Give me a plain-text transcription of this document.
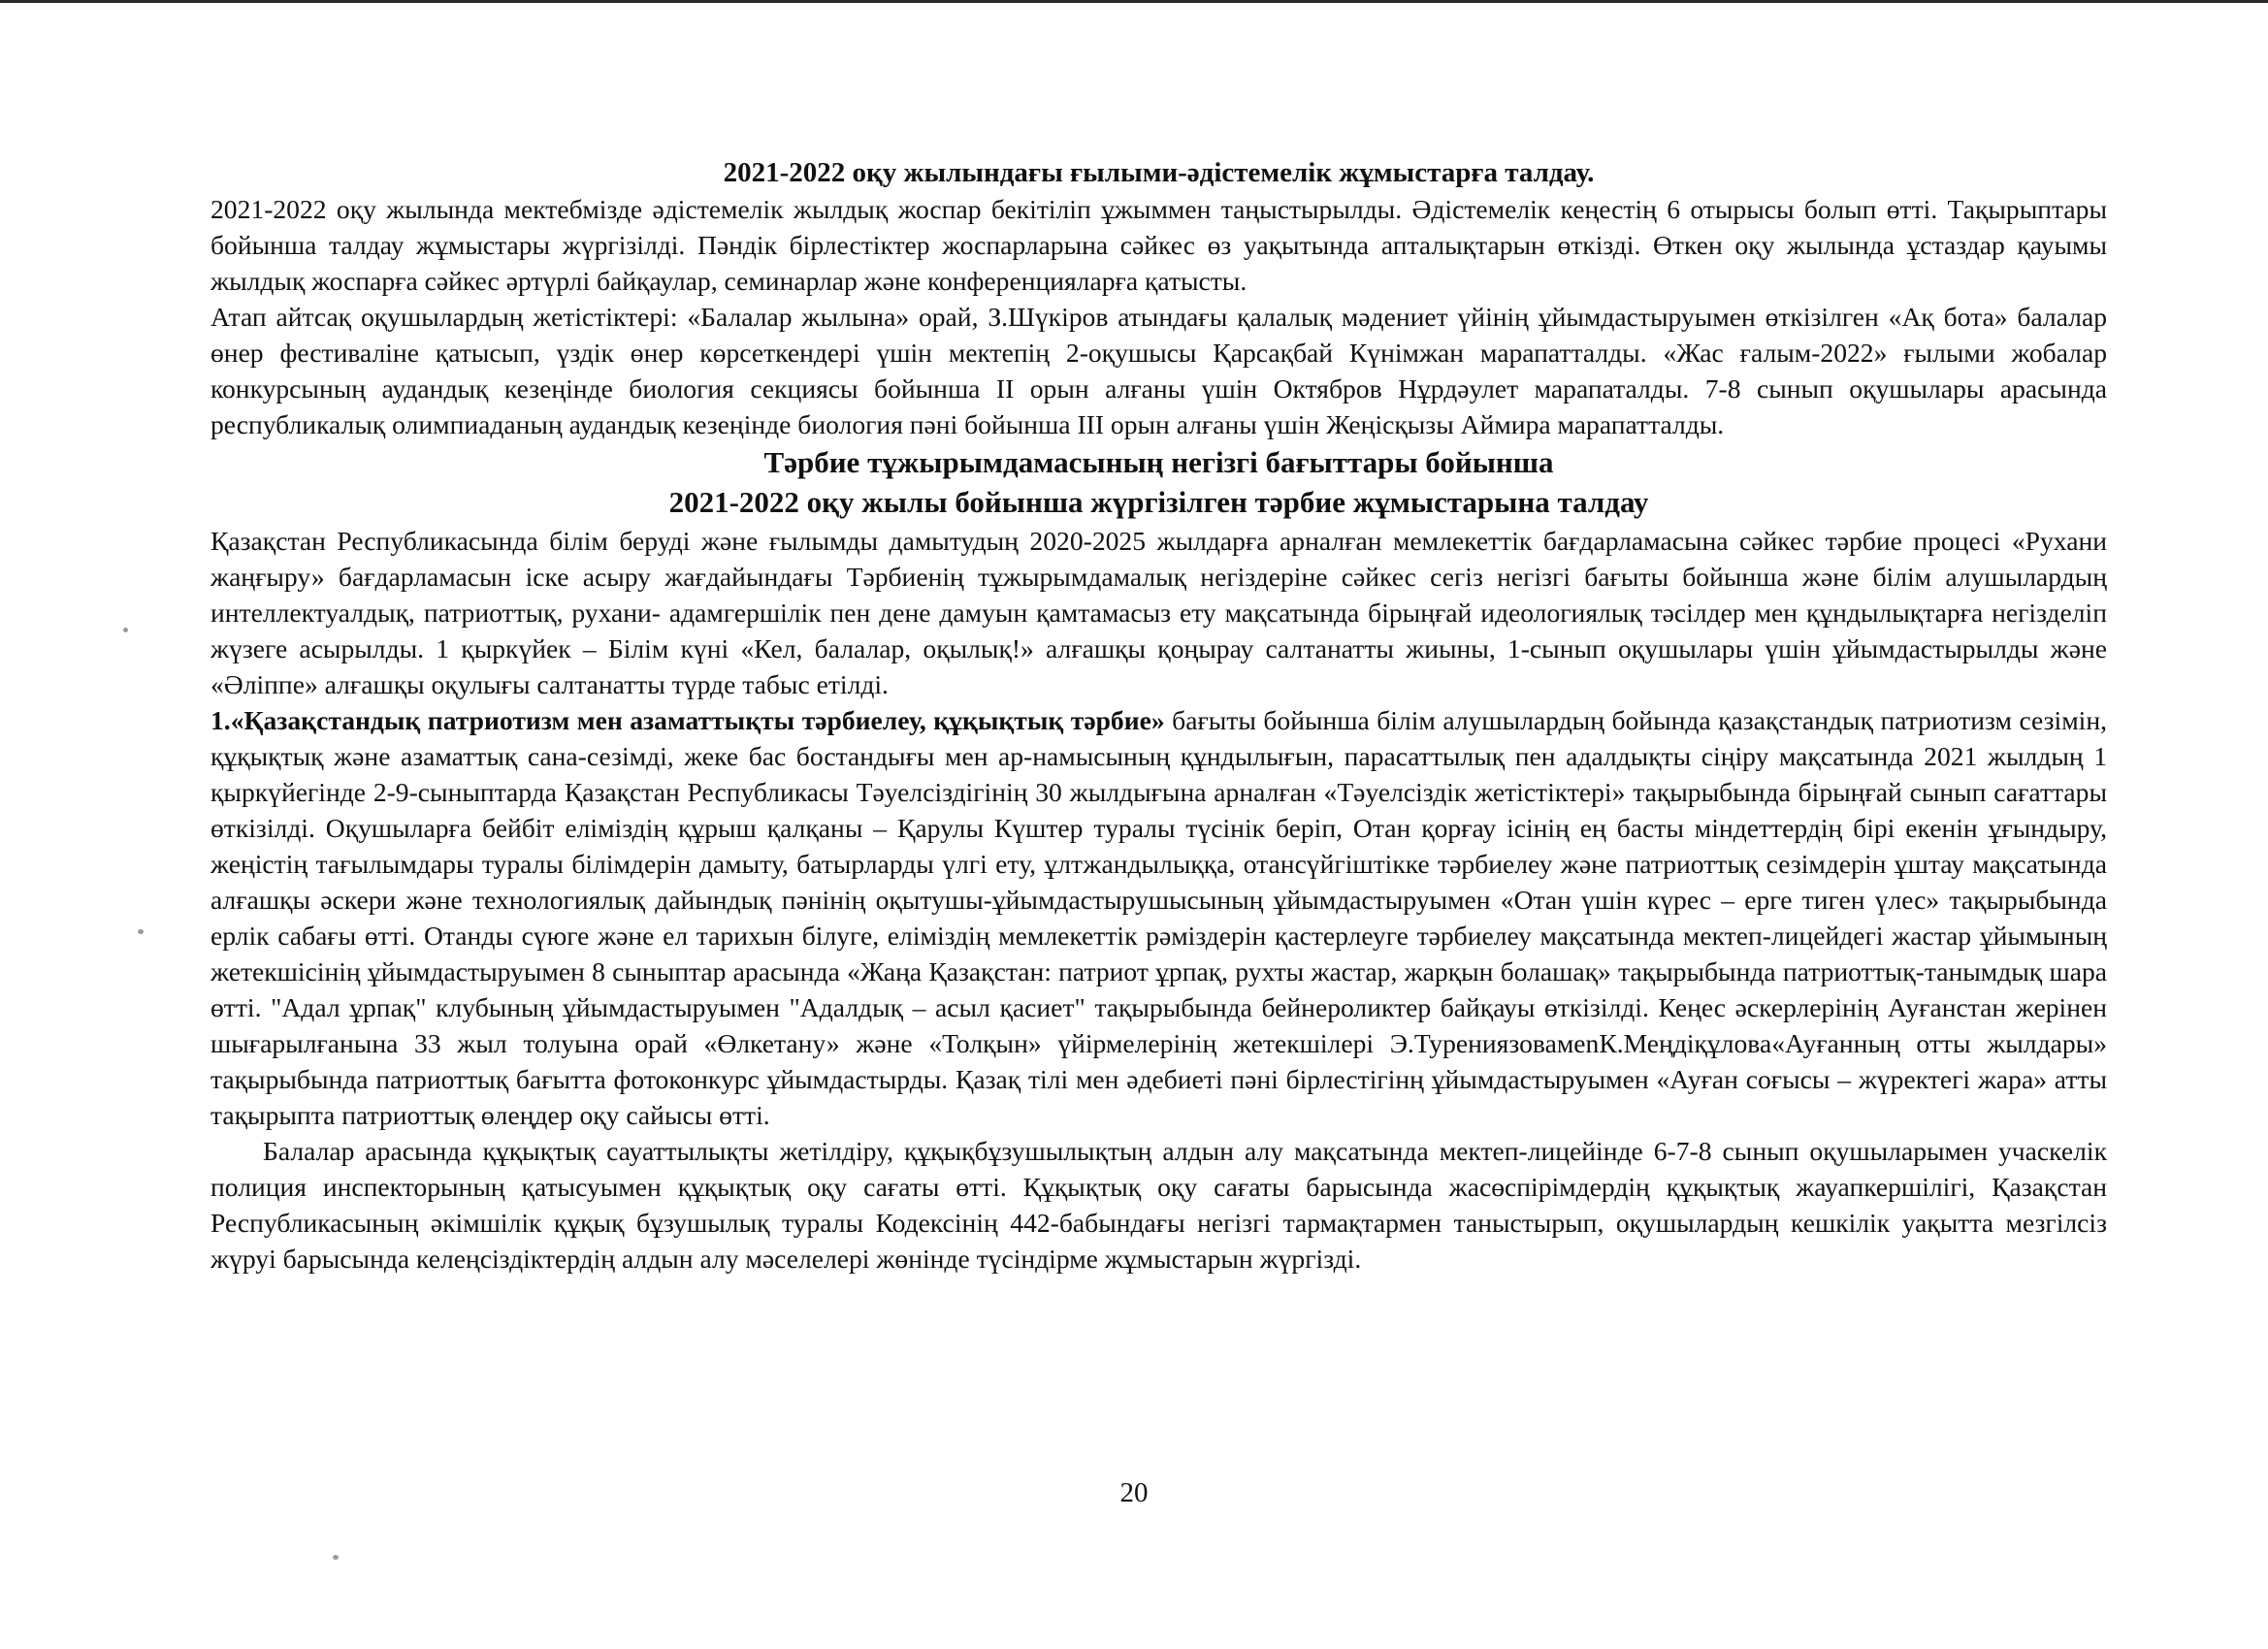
2021-2022 оқу жылындағы ғылыми-әдістемелік жұмыстарға талдау.

2021-2022 оқу жылында мектебмізде әдістемелік жылдық жоспар бекітіліп ұжыммен таңыстырылды. Әдістемелік кеңестің 6 отырысы болып өтті. Тақырыптары бойынша талдау жұмыстары жүргізілді. Пәндік бірлестіктер жоспарларына сәйкес өз уақытында апталықтарын өткізді. Өткен оқу жылында ұстаздар қауымы жылдық жоспарға сәйкес әртүрлі байқаулар, семинарлар және конференцияларға қатысты.

Атап айтсақ оқушылардың жетістіктері: «Балалар жылына» орай, З.Шүкіров атындағы қалалық мәдениет үйінің ұйымдастыруымен өткізілген «Ақ бота» балалар өнер фестиваліне қатысып, үздік өнер көрсеткендері үшін мектепің 2-оқушысы Қарсақбай Күнімжан марапатталды. «Жас ғалым-2022» ғылыми жобалар конкурсының аудандық кезеңінде биология секциясы бойынша II орын алғаны үшін Октябров Нұрдәулет марапаталды. 7-8 сынып оқушылары арасында республикалық олимпиаданың аудандық кезеңінде биология пәні бойынша III орын алғаны үшін Жеңісқызы Аймира марапатталды.

Тәрбие тұжырымдамасының негізгі бағыттары бойынша
2021-2022 оқу жылы бойынша жүргізілген тәрбие жұмыстарына талдау

Қазақстан Республикасында білім беруді және ғылымды дамытудың 2020-2025 жылдарға арналған мемлекеттік бағдарламасына сәйкес тәрбие процесі «Рухани жаңғыру» бағдарламасын іске асыру жағдайындағы Тәрбиенің тұжырымдамалық негіздеріне сәйкес сегіз негізгі бағыты бойынша және білім алушылардың интеллектуалдық, патриоттық, рухани- адамгершілік пен дене дамуын қамтамасыз ету мақсатында бірыңғай идеологиялық тәсілдер мен құндылықтарға негізделіп жүзеге асырылды. 1 қыркүйек – Білім күні «Кел, балалар, оқылық!» алғашқы қоңырау салтанатты жиыны, 1-сынып оқушылары үшін ұйымдастырылды және «Әліппе» алғашқы оқулығы салтанатты түрде табыс етілді.

1.«Қазақстандық патриотизм мен азаматтықты тәрбиелеу, құқықтық тәрбие» бағыты бойынша білім алушылардың бойында қазақстандық патриотизм сезімін, құқықтық және азаматтық сана-сезімді, жеке бас бостандығы мен ар-намысының құндылығын, парасаттылық пен адалдықты сіңіру мақсатында 2021 жылдың 1 қыркүйегінде 2-9-сыныптарда Қазақстан Республикасы Тәуелсіздігінің 30 жылдығына арналған «Тәуелсіздік жетістіктері» тақырыбында бірыңғай сынып сағаттары өткізілді. Оқушыларға бейбіт еліміздің құрыш қалқаны – Қарулы Күштер туралы түсінік беріп, Отан қорғау ісінің ең басты міндеттердің бірі екенін ұғындыру, жеңістің тағылымдары туралы білімдерін дамыту, батырларды үлгі ету, ұлтжандылыққа, отансүйгіштікке тәрбиелеу және патриоттық сезімдерін ұштау мақсатында алғашқы әскери және технологиялық дайындық пәнінің оқытушы-ұйымдастырушысының ұйымдастыруымен «Отан үшін күрес – ерге тиген үлес» тақырыбында ерлік сабағы өтті. Отанды сүюге және ел тарихын білуге, еліміздің мемлекеттік рәміздерін қастерлеуге тәрбиелеу мақсатында мектеп-лицейдегі жастар ұйымының жетекшісінің ұйымдастыруымен 8 сыныптар арасында «Жаңа Қазақстан: патриот ұрпақ, рухты жастар, жарқын болашақ» тақырыбында патриоттық-танымдық шара өтті. "Адал ұрпақ" клубының ұйымдастыруымен "Адалдық – асыл қасиет" тақырыбында бейнероликтер байқауы өткізілді. Кеңес әскерлерінің Ауғанстан жерінен шығарылғанына 33 жыл толуына орай «Өлкетану» және «Толқын» үйірмелерінің жетекшілері Э.ТурениязовамenК.Меңдіқұлова«Ауғанның отты жылдары» тақырыбында патриоттық бағытта фотоконкурс ұйымдастырды. Қазақ тілі мен әдебиеті пәні бірлестігінң ұйымдастыруымен «Ауған соғысы – жүректегі жара» атты тақырыпта патриоттық өлеңдер оқу сайысы өтті.

Балалар арасында құқықтық сауаттылықты жетілдіру, құқықбұзушылықтың алдын алу мақсатында мектеп-лицейінде 6-7-8 сынып оқушыларымен учаскелік полиция инспекторының қатысуымен құқықтық оқу сағаты өтті. Құқықтық оқу сағаты барысында жасөспірімдердің құқықтық жауапкершілігі, Қазақстан Республикасының әкімшілік құқық бұзушылық туралы Кодексінің 442-бабындағы негізгі тармақтармен таныстырып, оқушылардың кешкілік уақытта мезгілсіз жүруі барысында келеңсіздіктердің алдын алу мәселелері жөнінде түсіндірме жұмыстарын жүргізді.

20
